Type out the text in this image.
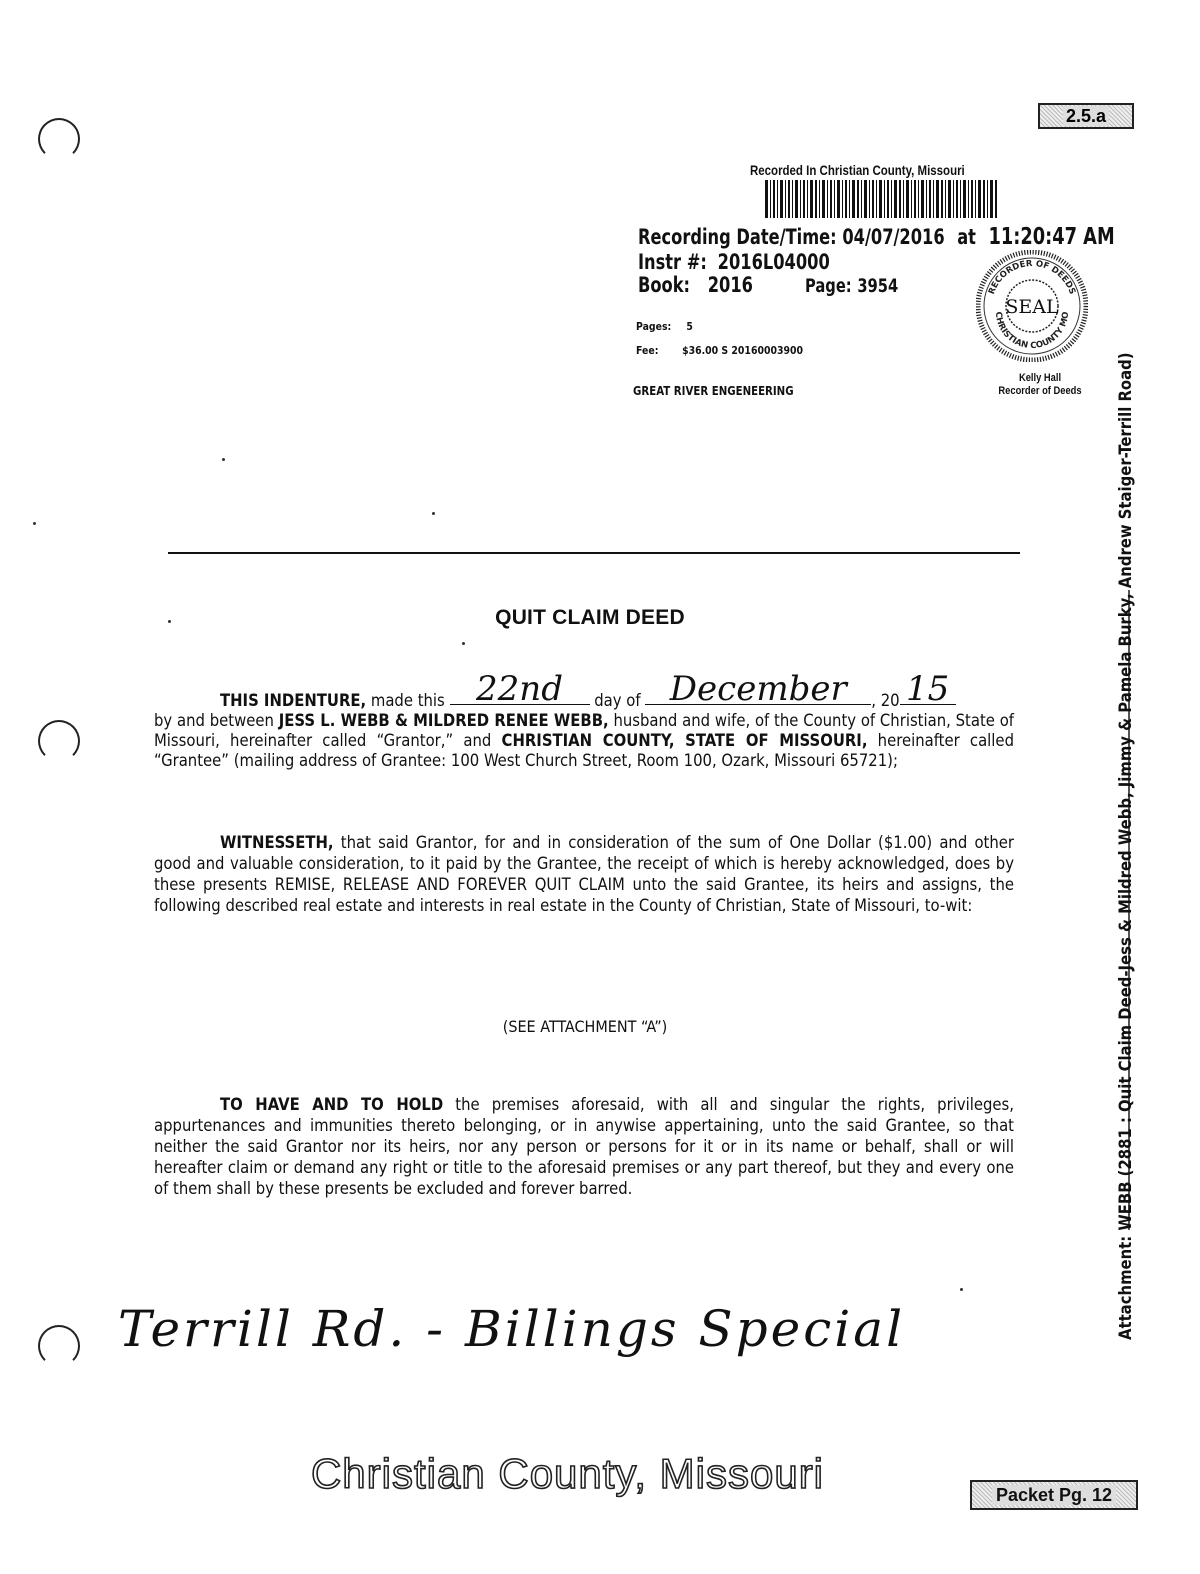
2.5.a
Recorded In Christian County, Missouri
Recording Date/Time: 04/07/2016 at 11:20:47 AM
Instr #: 2016L04000
Book: 2016	Page: 3954
Pages: 5
Fee: $36.00 S 20160003900
GREAT RIVER ENGENEERING
RECORDER OF DEEDS
CHRISTIAN COUNTY MO
SEAL
Kelly Hall
Recorder of Deeds
QUIT CLAIM DEED
THIS INDENTURE, made this 22nd day of December , 20 15
by and between JESS L. WEBB & MILDRED RENEE WEBB, husband and wife, of the County of Christian, State of Missouri, hereinafter called “Grantor,” and CHRISTIAN COUNTY, STATE OF MISSOURI, hereinafter called “Grantee” (mailing address of Grantee: 100 West Church Street, Room 100, Ozark, Missouri 65721);
WITNESSETH, that said Grantor, for and in consideration of the sum of One Dollar ($1.00) and other good and valuable consideration, to it paid by the Grantee, the receipt of which is hereby acknowledged, does by these presents REMISE, RELEASE AND FOREVER QUIT CLAIM unto the said Grantee, its heirs and assigns, the following described real estate and interests in real estate in the County of Christian, State of Missouri, to-wit:
(SEE ATTACHMENT “A”)
TO HAVE AND TO HOLD the premises aforesaid, with all and singular the rights, privileges, appurtenances and immunities thereto belonging, or in anywise appertaining, unto the said Grantee, so that neither the said Grantor nor its heirs, nor any person or persons for it or in its name or behalf, shall or will hereafter claim or demand any right or title to the aforesaid premises or any part thereof, but they and every one of them shall by these presents be excluded and forever barred.
Terrill Rd. - Billings Special	Attachment: WEBB (2881 : Quit Claim Deed-Jess & Mildred Webb, Jimmy & Pamela Burky, Andrew Staiger-Terrill Road)
Christian County, Missouri	Packet Pg. 12
